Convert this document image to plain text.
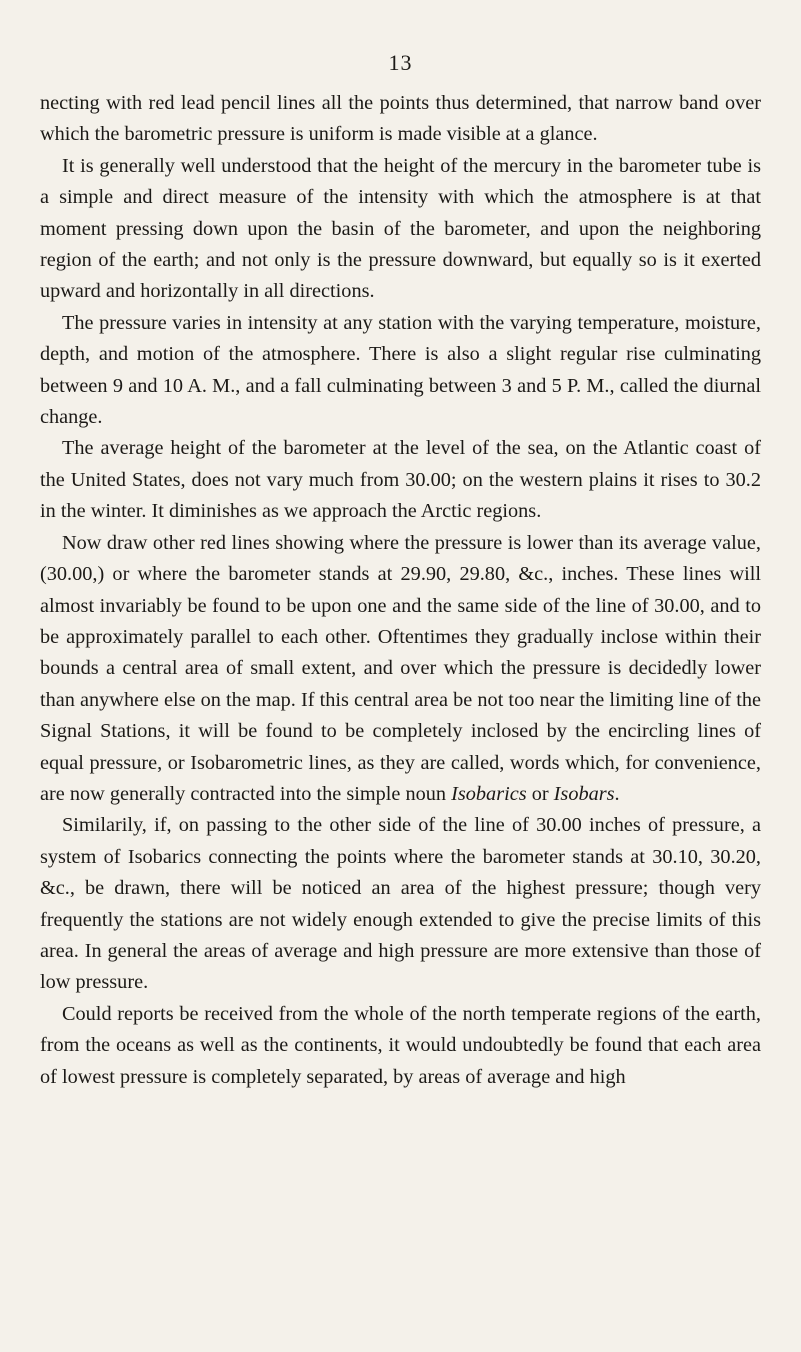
13

necting with red lead pencil lines all the points thus determined, that narrow band over which the barometric pressure is uniform is made visible at a glance.

It is generally well understood that the height of the mercury in the barometer tube is a simple and direct measure of the intensity with which the atmosphere is at that moment pressing down upon the basin of the barometer, and upon the neighboring region of the earth; and not only is the pressure downward, but equally so is it exerted upward and horizontally in all directions.

The pressure varies in intensity at any station with the varying temperature, moisture, depth, and motion of the atmosphere. There is also a slight regular rise culminating between 9 and 10 A. M., and a fall culminating between 3 and 5 P. M., called the diurnal change.

The average height of the barometer at the level of the sea, on the Atlantic coast of the United States, does not vary much from 30.00; on the western plains it rises to 30.2 in the winter. It diminishes as we approach the Arctic regions.

Now draw other red lines showing where the pressure is lower than its average value, (30.00,) or where the barometer stands at 29.90, 29.80, &c., inches. These lines will almost invariably be found to be upon one and the same side of the line of 30.00, and to be approximately parallel to each other. Oftentimes they gradually inclose within their bounds a central area of small extent, and over which the pressure is decidedly lower than anywhere else on the map. If this central area be not too near the limiting line of the Signal Stations, it will be found to be completely inclosed by the encircling lines of equal pressure, or Isobarometric lines, as they are called, words which, for convenience, are now generally contracted into the simple noun Isobarics or Isobars.

Similarily, if, on passing to the other side of the line of 30.00 inches of pressure, a system of Isobarics connecting the points where the barometer stands at 30.10, 30.20, &c., be drawn, there will be noticed an area of the highest pressure; though very frequently the stations are not widely enough extended to give the precise limits of this area. In general the areas of average and high pressure are more extensive than those of low pressure.

Could reports be received from the whole of the north temperate regions of the earth, from the oceans as well as the continents, it would undoubtedly be found that each area of lowest pressure is completely separated, by areas of average and high
